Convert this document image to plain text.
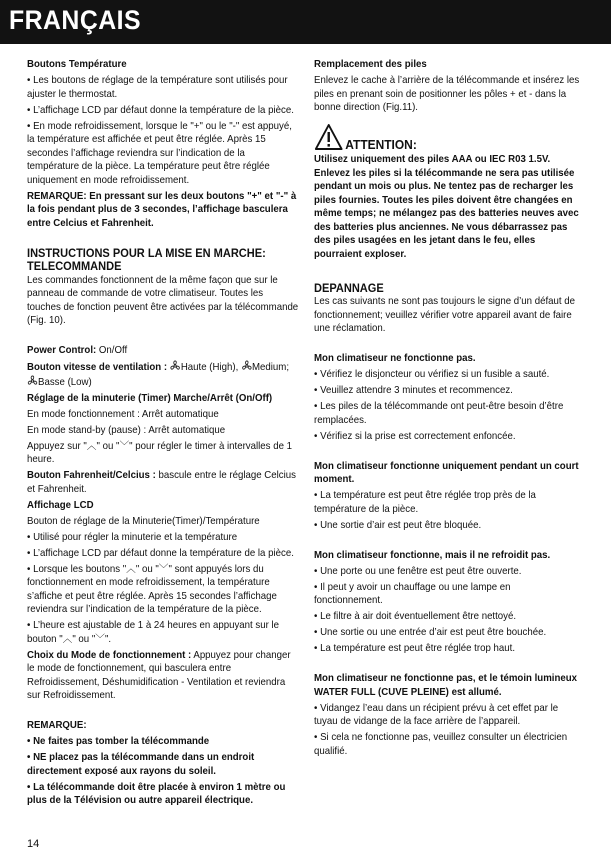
FRANÇAIS

Boutons Température

• Les boutons de réglage de la température sont utilisés pour ajuster le thermostat.

• L’affichage LCD par défaut donne la température de la pièce.

• En mode refroidissement, lorsque le "+" ou le "-" est appuyé, la température est affichée et peut être réglée. Après 15 secondes l’affichage reviendra sur l’indication de la température de la pièce. La température peut être réglée uniquement en mode refroidissement.

REMARQUE: En pressant sur les deux boutons "+" et "-" à la fois pendant plus de 3 secondes, l’affichage basculera entre Celcius et Fahrenheit.

INSTRUCTIONS POUR LA MISE EN MARCHE:

TELECOMMANDE

Les commandes fonctionnent de la même façon que sur le panneau de commande de votre climatiseur. Toutes les touches de fonction peuvent être activées par la télécommande (Fig. 10).

Power Control: On/Off

Bouton vitesse de ventilation : Haute (High), Medium;
Basse (Low)

Réglage de la minuterie (Timer) Marche/Arrêt (On/Off)

En mode fonctionnement : Arrêt automatique

En mode stand-by (pause) : Arrêt automatique

Appuyez sur "︿" ou "﹀" pour régler le timer à intervalles de 1 heure.

Bouton Fahrenheit/Celcius : bascule entre le réglage Celcius et Fahrenheit.

Affichage LCD

Bouton de réglage de la Minuterie(Timer)/Température

• Utilisé pour régler la minuterie et la température

• L’affichage LCD par défaut donne la température de la pièce.

• Lorsque les boutons "︿" ou "﹀" sont appuyés lors du fonctionnement en mode refroidissement, la température s’affiche et peut être réglée. Après 15 secondes l’affichage reviendra sur l’indication de la température de la pièce.

• L’heure est ajustable de 1 à 24 heures en appuyant sur le bouton "︿" ou "﹀".

Choix du Mode de fonctionnement : Appuyez pour changer le mode de fonctionnement, qui basculera entre Refroidissement, Déshumidification - Ventilation et reviendra sur Refroidissement.

REMARQUE:

• Ne faites pas tomber la télécommande

• NE placez pas la télécommande dans un endroit directement exposé aux rayons du soleil.

• La télécommande doit être placée à environ 1 mètre ou plus de la Télévision ou autre appareil électrique.

Remplacement des piles

Enlevez le cache à l’arrière de la télécommande et insérez les piles en prenant soin de positionner les pôles + et - dans la bonne direction (Fig.11).

ATTENTION:

Utilisez uniquement des piles AAA ou IEC R03 1.5V. Enlevez les piles si la télécommande ne sera pas utilisée pendant un mois ou plus. Ne tentez pas de recharger les piles fournies. Toutes les piles doivent être changées en même temps; ne mélangez pas des batteries neuves avec des batteries plus anciennes. Ne vous débarrassez pas des piles usagées en les jetant dans le feu, elles pourraient exploser.

DEPANNAGE

Les cas suivants ne sont pas toujours le signe d’un défaut de fonctionnement; veuillez vérifier votre appareil avant de faire une réclamation.

Mon climatiseur ne fonctionne pas.

• Vérifiez le disjoncteur ou vérifiez si un fusible a sauté.

• Veuillez attendre 3 minutes et recommencez.

• Les piles de la télécommande ont peut-être besoin d’être remplacées.

• Vérifiez si la prise est correctement enfoncée.

Mon climatiseur fonctionne uniquement pendant un court moment.

• La température est peut être réglée trop près de la température de la pièce.

• Une sortie d’air est peut être bloquée.

Mon climatiseur fonctionne, mais il ne refroidit pas.

• Une porte ou une fenêtre est peut être ouverte.

• Il peut y avoir un chauffage ou une lampe en fonctionnement.

• Le filtre à air doit éventuellement être nettoyé.

• Une sortie ou une entrée d’air est peut être bouchée.

• La température est peut être réglée trop haut.

Mon climatiseur ne fonctionne pas, et le témoin lumineux WATER FULL (CUVE PLEINE) est allumé.

• Vidangez l’eau dans un récipient prévu à cet effet par le tuyau de vidange de la face arrière de l’appareil.

• Si cela ne fonctionne pas, veuillez consulter un électricien qualifié.

14
